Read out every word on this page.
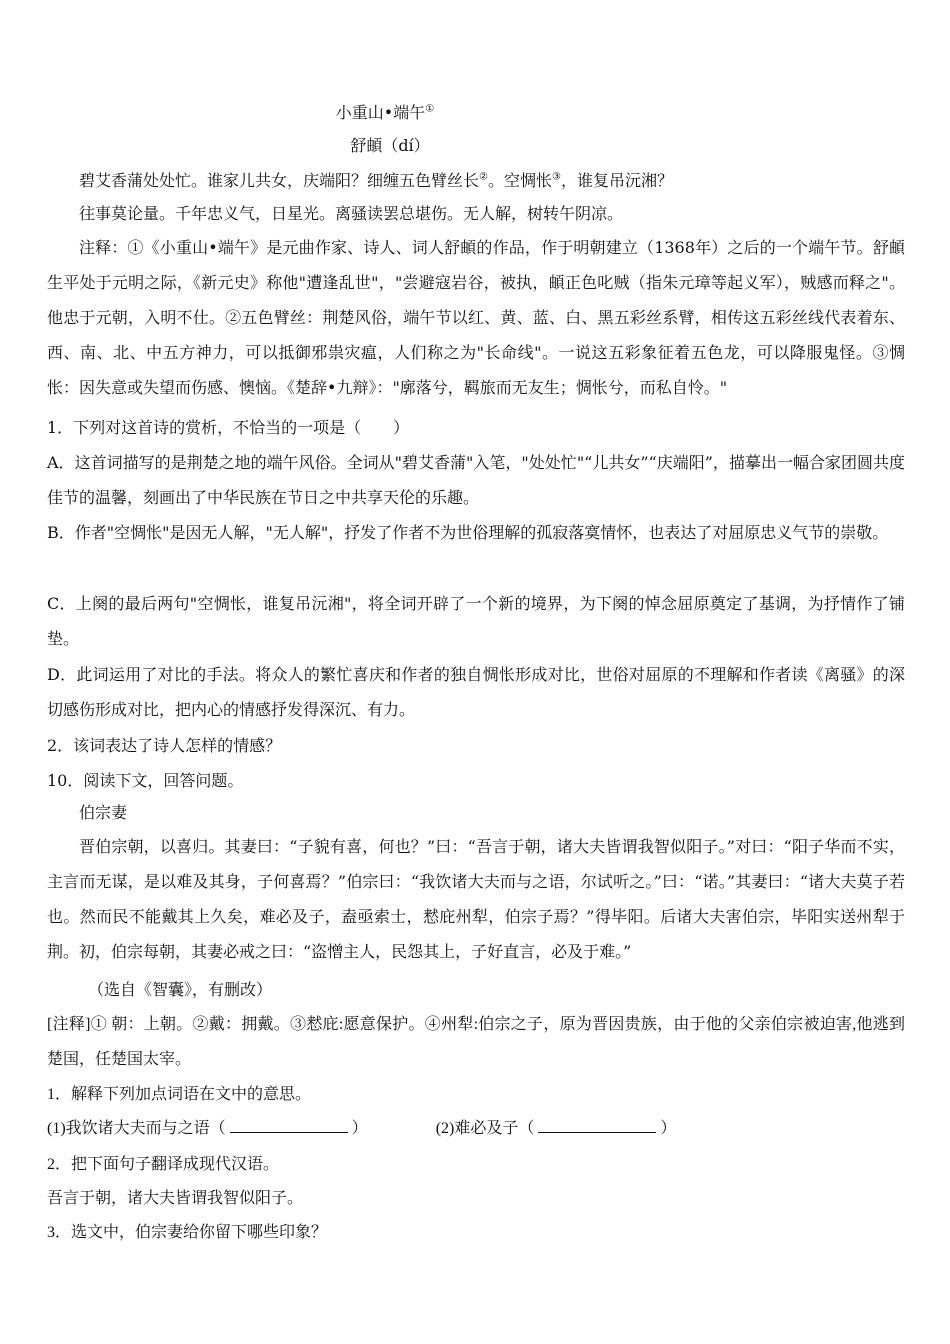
小重山•端午①
舒頔（dí）
碧艾香蒲处处忙。谁家儿共女，庆端阳？细缠五色臂丝长②。空惆怅③，谁复吊沅湘？
往事莫论量。千年忠义气，日星光。离骚读罢总堪伤。无人解，树转午阴凉。
注释：①《小重山•端午》是元曲作家、诗人、词人舒頔的作品，作于明朝建立（1368年）之后的一个端午节。舒頔生平处于元明之际，《新元史》称他"遭逢乱世"，"尝避寇岩谷，被执，頔正色叱贼（指朱元璋等起义军），贼感而释之"。他忠于元朝，入明不仕。②五色臂丝：荆楚风俗，端午节以红、黄、蓝、白、黑五彩丝系臂，相传这五彩丝线代表着东、西、南、北、中五方神力，可以抵御邪祟灾瘟，人们称之为"长命线"。一说这五彩象征着五色龙，可以降服鬼怪。③惆怅：因失意或失望而伤感、懊恼。《楚辞•九辩》："廓落兮，羁旅而无友生；惆怅兮，而私自怜。"
1．下列对这首诗的赏析，不恰当的一项是（　　）
A．这首词描写的是荆楚之地的端午风俗。全词从"碧艾香蒲"入笔，"处处忙"“儿共女”“庆端阳”，描摹出一幅合家团圆共度佳节的温馨，刻画出了中华民族在节日之中共享天伦的乐趣。
B．作者"空惆怅"是因无人解，"无人解"，抒发了作者不为世俗理解的孤寂落寞情怀，也表达了对屈原忠义气节的崇敬。
C．上阕的最后两句"空惆怅，谁复吊沅湘"，将全词开辟了一个新的境界，为下阕的悼念屈原奠定了基调，为抒情作了铺垫。
D．此词运用了对比的手法。将众人的繁忙喜庆和作者的独自惆怅形成对比，世俗对屈原的不理解和作者读《离骚》的深切感伤形成对比，把内心的情感抒发得深沉、有力。
2．该词表达了诗人怎样的情感？
10．阅读下文，回答问题。
伯宗妻
晋伯宗朝，以喜归。其妻曰：“子貌有喜，何也？”曰：“吾言于朝，诸大夫皆谓我智似阳子。”对曰：“阳子华而不实，主言而无谋，是以难及其身，子何喜焉？”伯宗曰：“我饮诸大夫而与之语，尔试听之。”曰：“诺。”其妻曰：“诸大夫莫子若也。然而民不能戴其上久矣，难必及子，盍亟索士，慭庇州犁，伯宗子焉？”得毕阳。后诸大夫害伯宗，毕阳实送州犁于荆。初，伯宗每朝，其妻必戒之曰：“盗憎主人，民怨其上，子好直言，必及于难。”
（选自《智囊》，有删改）
[注释]① 朝：上朝。②戴：拥戴。③慭庇:愿意保护。④州犁:伯宗之子，原为晋因贵族，由于他的父亲伯宗被迫害,他逃到楚国，任楚国太宰。
1．解释下列加点词语在文中的意思。
(1)我饮诸大夫而与之语（	）	(2)难必及子（	）
2．把下面句子翻译成现代汉语。
吾言于朝，诸大夫皆谓我智似阳子。
3．选文中，伯宗妻给你留下哪些印象？
